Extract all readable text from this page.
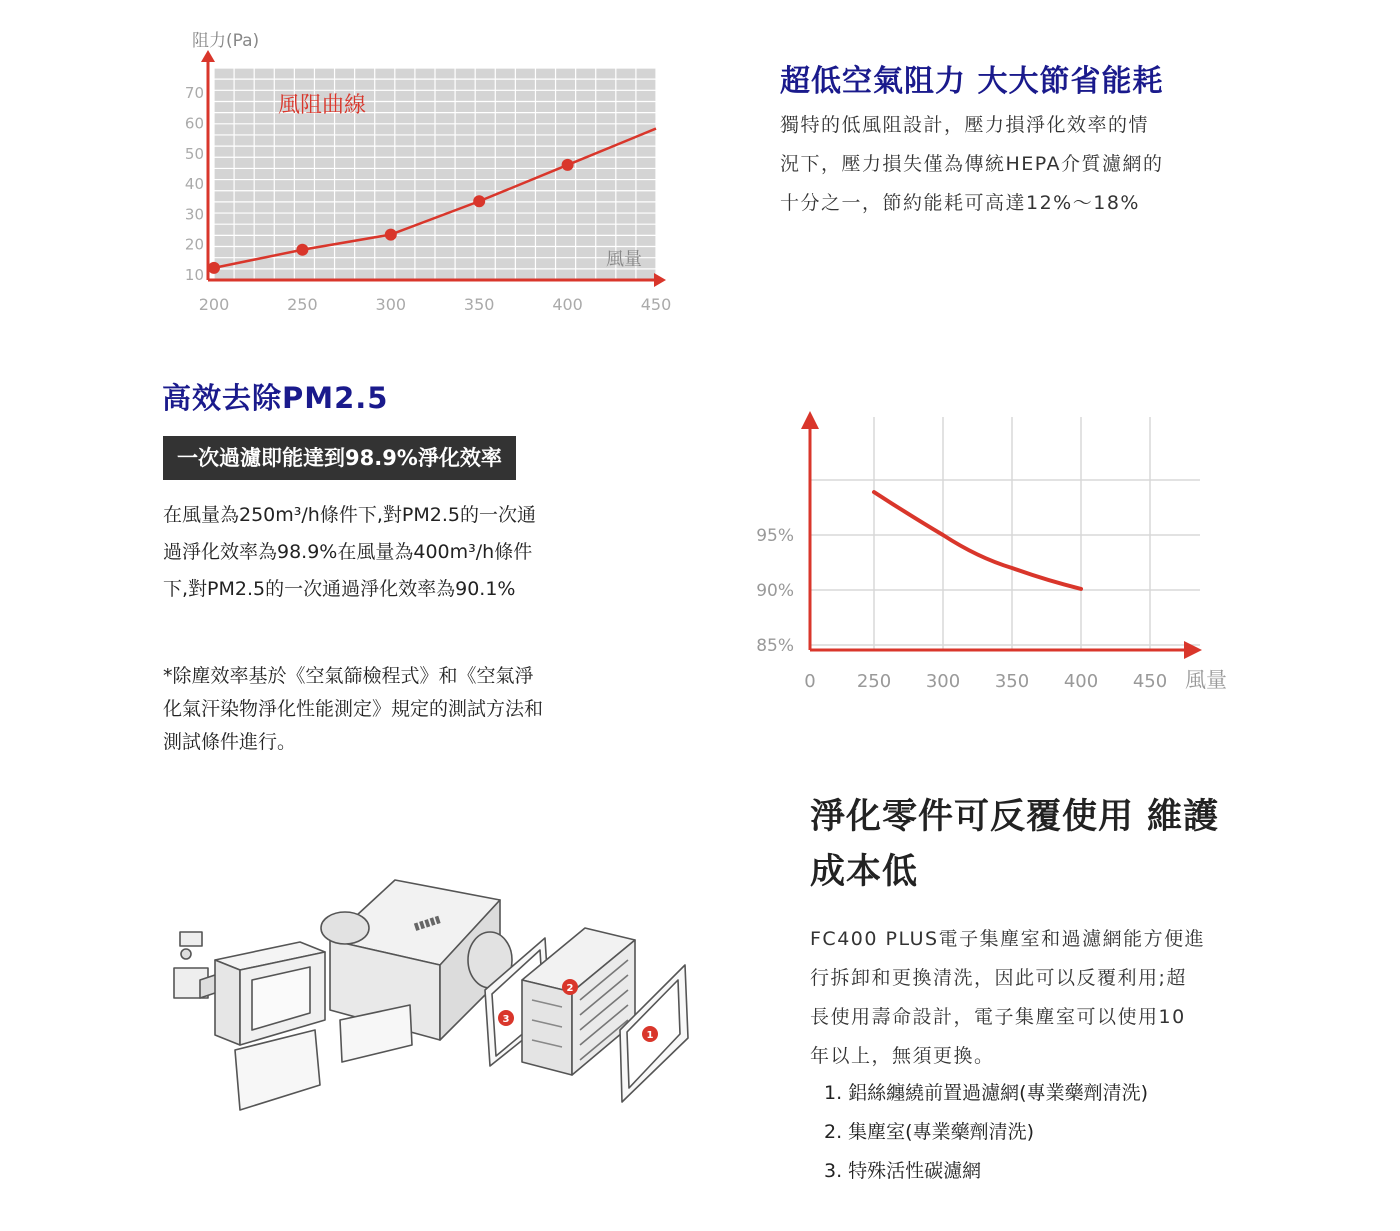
10
20
30
40
50
60
70
200	250	300	350	400	450
阻力(Pa)
風量
風阻曲線
超低空氣阻力 大大節省能耗
獨特的低風阻設計，壓力損淨化效率的情
況下，壓力損失僅為傳統HEPA介質濾網的
十分之一，節約能耗可高達12%～18%
高效去除PM2.5
一次過濾即能達到98.9%淨化效率
在風量為250m³/h條件下,對PM2.5的一次通
過淨化效率為98.9%在風量為400m³/h條件
下,對PM2.5的一次通過淨化效率為90.1%
*除塵效率基於《空氣篩檢程式》和《空氣淨
化氣汗染物淨化性能測定》規定的測試方法和
測試條件進行。
85%
90%
95%
0 250 300 350 400 450 風量
淨化零件可反覆使用 維護
成本低
FC400 PLUS電子集塵室和過濾網能方便進
行拆卸和更換清洗，因此可以反覆利用;超
長使用壽命設計，電子集塵室可以使用10
年以上，無須更換。
1. 鋁絲纏繞前置過濾網(專業藥劑清洗)
2. 集塵室(專業藥劑清洗)
3. 特殊活性碳濾網
▮▮▮▮▮
2
3
1
